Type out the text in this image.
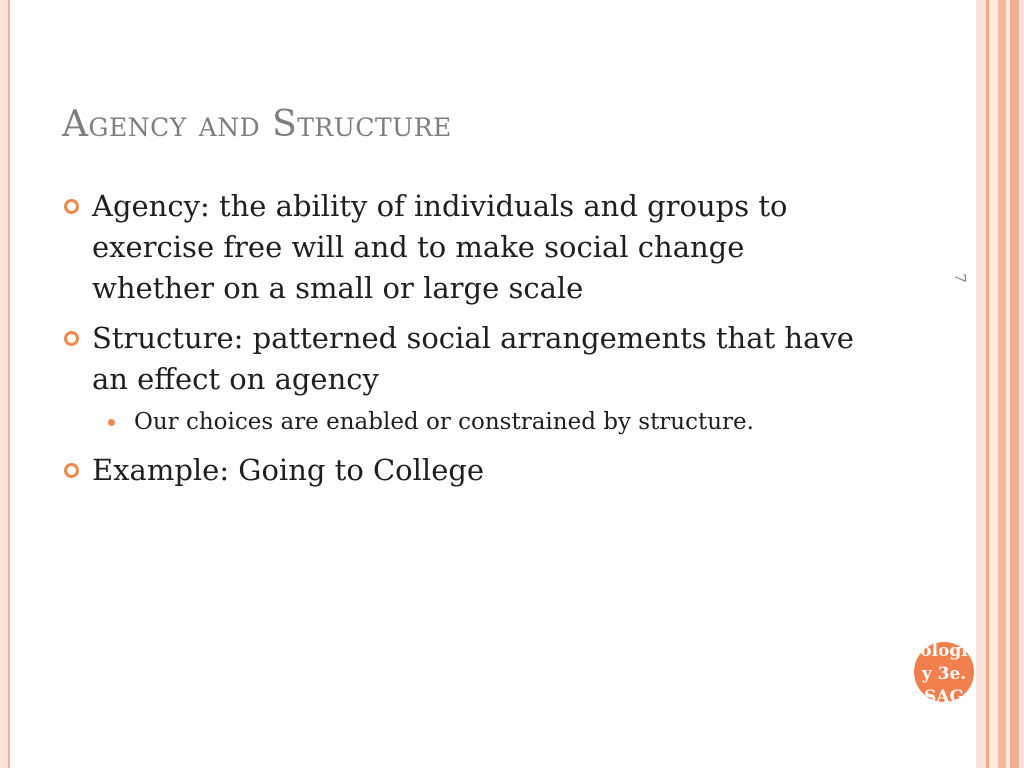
7
Agency and Structure
Agency: the ability of individuals and groups to exercise free will and to make social change whether on a small or large scale
Structure: patterned social arrangements that have an effect on agency
Our choices are enabled or constrained by structure.
Example: Going to College
ologi
y 3e.
SAG
